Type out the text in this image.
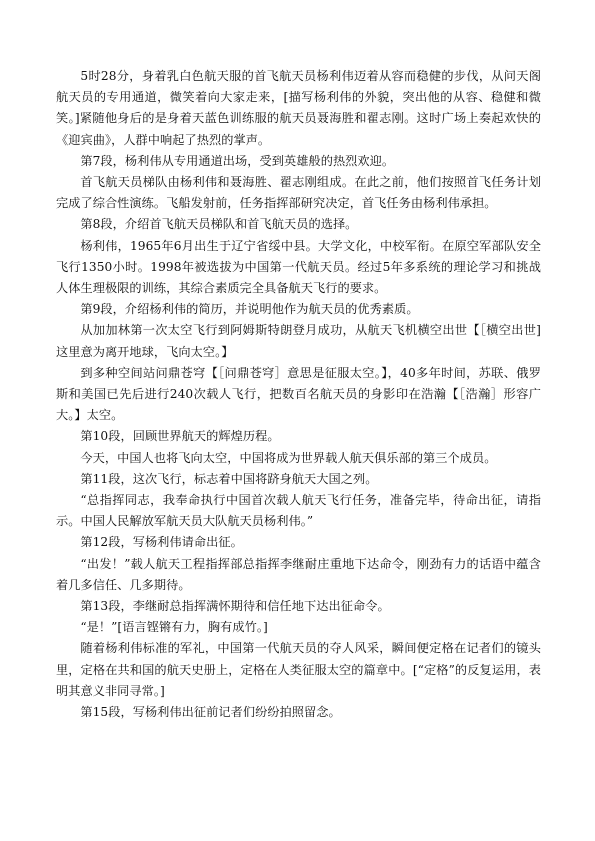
5时28分，身着乳白色航天服的首飞航天员杨利伟迈着从容而稳健的步伐，从问天阁航天员的专用通道，微笑着向大家走来，[描写杨利伟的外貌，突出他的从容、稳健和微笑。]紧随他身后的是身着天蓝色训练服的航天员聂海胜和翟志刚。这时广场上奏起欢快的《迎宾曲》，人群中响起了热烈的掌声。

第7段，杨利伟从专用通道出场，受到英雄般的热烈欢迎。

首飞航天员梯队由杨利伟和聂海胜、翟志刚组成。在此之前，他们按照首飞任务计划完成了综合性演练。飞船发射前，任务指挥部研究决定，首飞任务由杨利伟承担。

第8段，介绍首飞航天员梯队和首飞航天员的选择。

杨利伟，1965年6月出生于辽宁省绥中县。大学文化，中校军衔。在原空军部队安全飞行1350小时。1998年被选拔为中国第一代航天员。经过5年多系统的理论学习和挑战人体生理极限的训练，其综合素质完全具备航天飞行的要求。

第9段，介绍杨利伟的简历，并说明他作为航天员的优秀素质。

从加加林第一次太空飞行到阿姆斯特朗登月成功，从航天飞机横空出世【［横空出世]这里意为离开地球，飞向太空。】

到多种空间站问鼎苍穹【［问鼎苍穹］意思是征服太空。】，40多年时间，苏联、俄罗斯和美国已先后进行240次载人飞行，把数百名航天员的身影印在浩瀚【［浩瀚］形容广大。】太空。

第10段，回顾世界航天的辉煌历程。

今天，中国人也将飞向太空，中国将成为世界载人航天俱乐部的第三个成员。

第11段，这次飞行，标志着中国将跻身航天大国之列。

“总指挥同志，我奉命执行中国首次载人航天飞行任务，准备完毕，待命出征，请指示。中国人民解放军航天员大队航天员杨利伟。”

第12段，写杨利伟请命出征。

“出发！”载人航天工程指挥部总指挥李继耐庄重地下达命令，刚劲有力的话语中蕴含着几多信任、几多期待。

第13段，李继耐总指挥满怀期待和信任地下达出征命令。

“是！”[语言铿锵有力，胸有成竹。]

随着杨利伟标准的军礼，中国第一代航天员的夺人风采，瞬间便定格在记者们的镜头里，定格在共和国的航天史册上，定格在人类征服太空的篇章中。[“定格”的反复运用，表明其意义非同寻常。]

第15段，写杨利伟出征前记者们纷纷拍照留念。
